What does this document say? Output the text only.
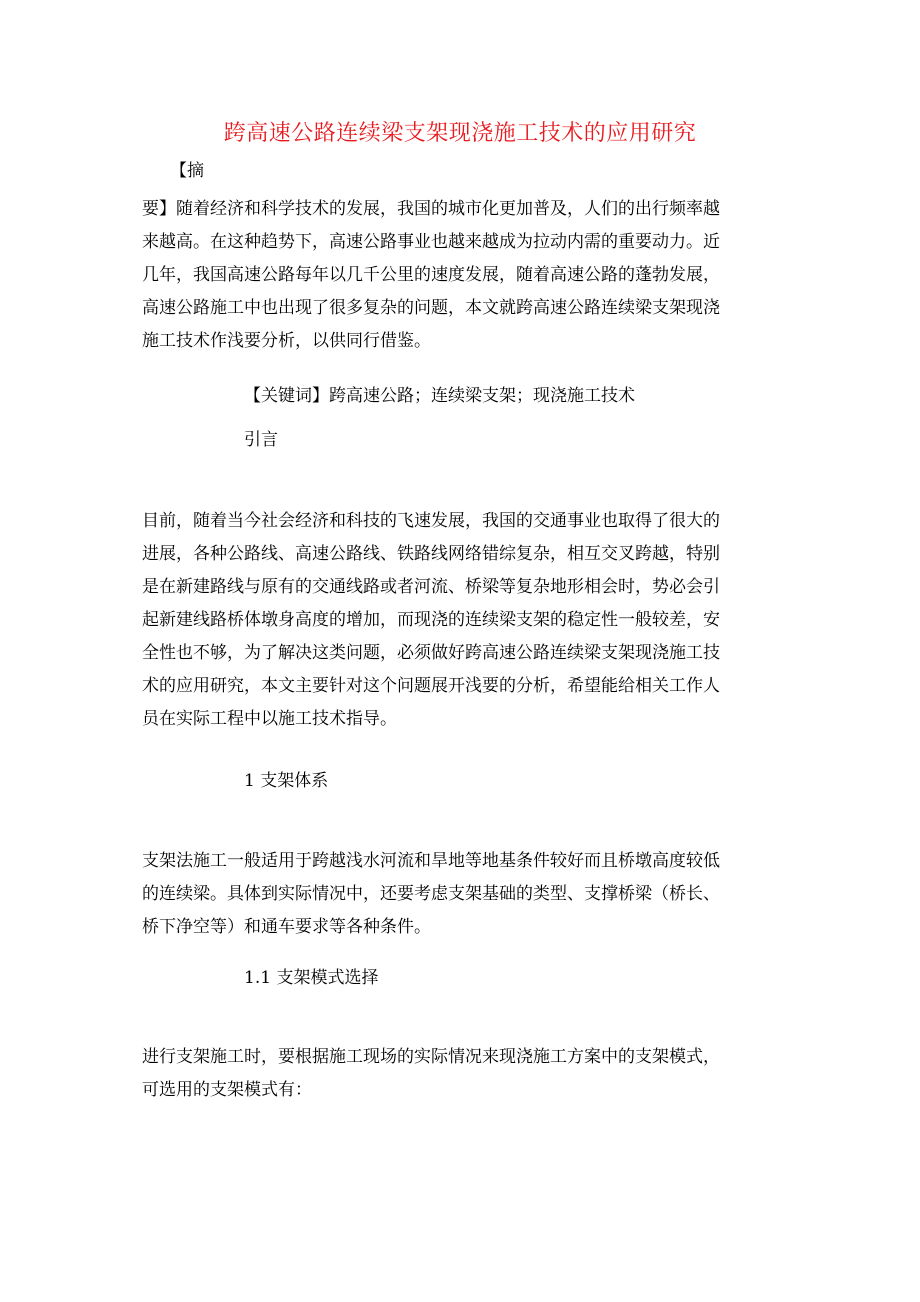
跨高速公路连续梁支架现浇施工技术的应用研究
【摘
要】随着经济和科学技术的发展，我国的城市化更加普及，人们的出行频率越
来越高。在这种趋势下，高速公路事业也越来越成为拉动内需的重要动力。近
几年，我国高速公路每年以几千公里的速度发展，随着高速公路的蓬勃发展，
高速公路施工中也出现了很多复杂的问题，本文就跨高速公路连续梁支架现浇
施工技术作浅要分析，以供同行借鉴。
【关键词】跨高速公路；连续梁支架；现浇施工技术
引言
目前，随着当今社会经济和科技的飞速发展，我国的交通事业也取得了很大的
进展，各种公路线、高速公路线、铁路线网络错综复杂，相互交叉跨越，特别
是在新建路线与原有的交通线路或者河流、桥梁等复杂地形相会时，势必会引
起新建线路桥体墩身高度的增加，而现浇的连续梁支架的稳定性一般较差，安
全性也不够，为了解决这类问题，必须做好跨高速公路连续梁支架现浇施工技
术的应用研究，本文主要针对这个问题展开浅要的分析，希望能给相关工作人
员在实际工程中以施工技术指导。
1 支架体系
支架法施工一般适用于跨越浅水河流和旱地等地基条件较好而且桥墩高度较低
的连续梁。具体到实际情况中，还要考虑支架基础的类型、支撑桥梁（桥长、
桥下净空等）和通车要求等各种条件。
1.1 支架模式选择
进行支架施工时，要根据施工现场的实际情况来现浇施工方案中的支架模式，
可选用的支架模式有：
